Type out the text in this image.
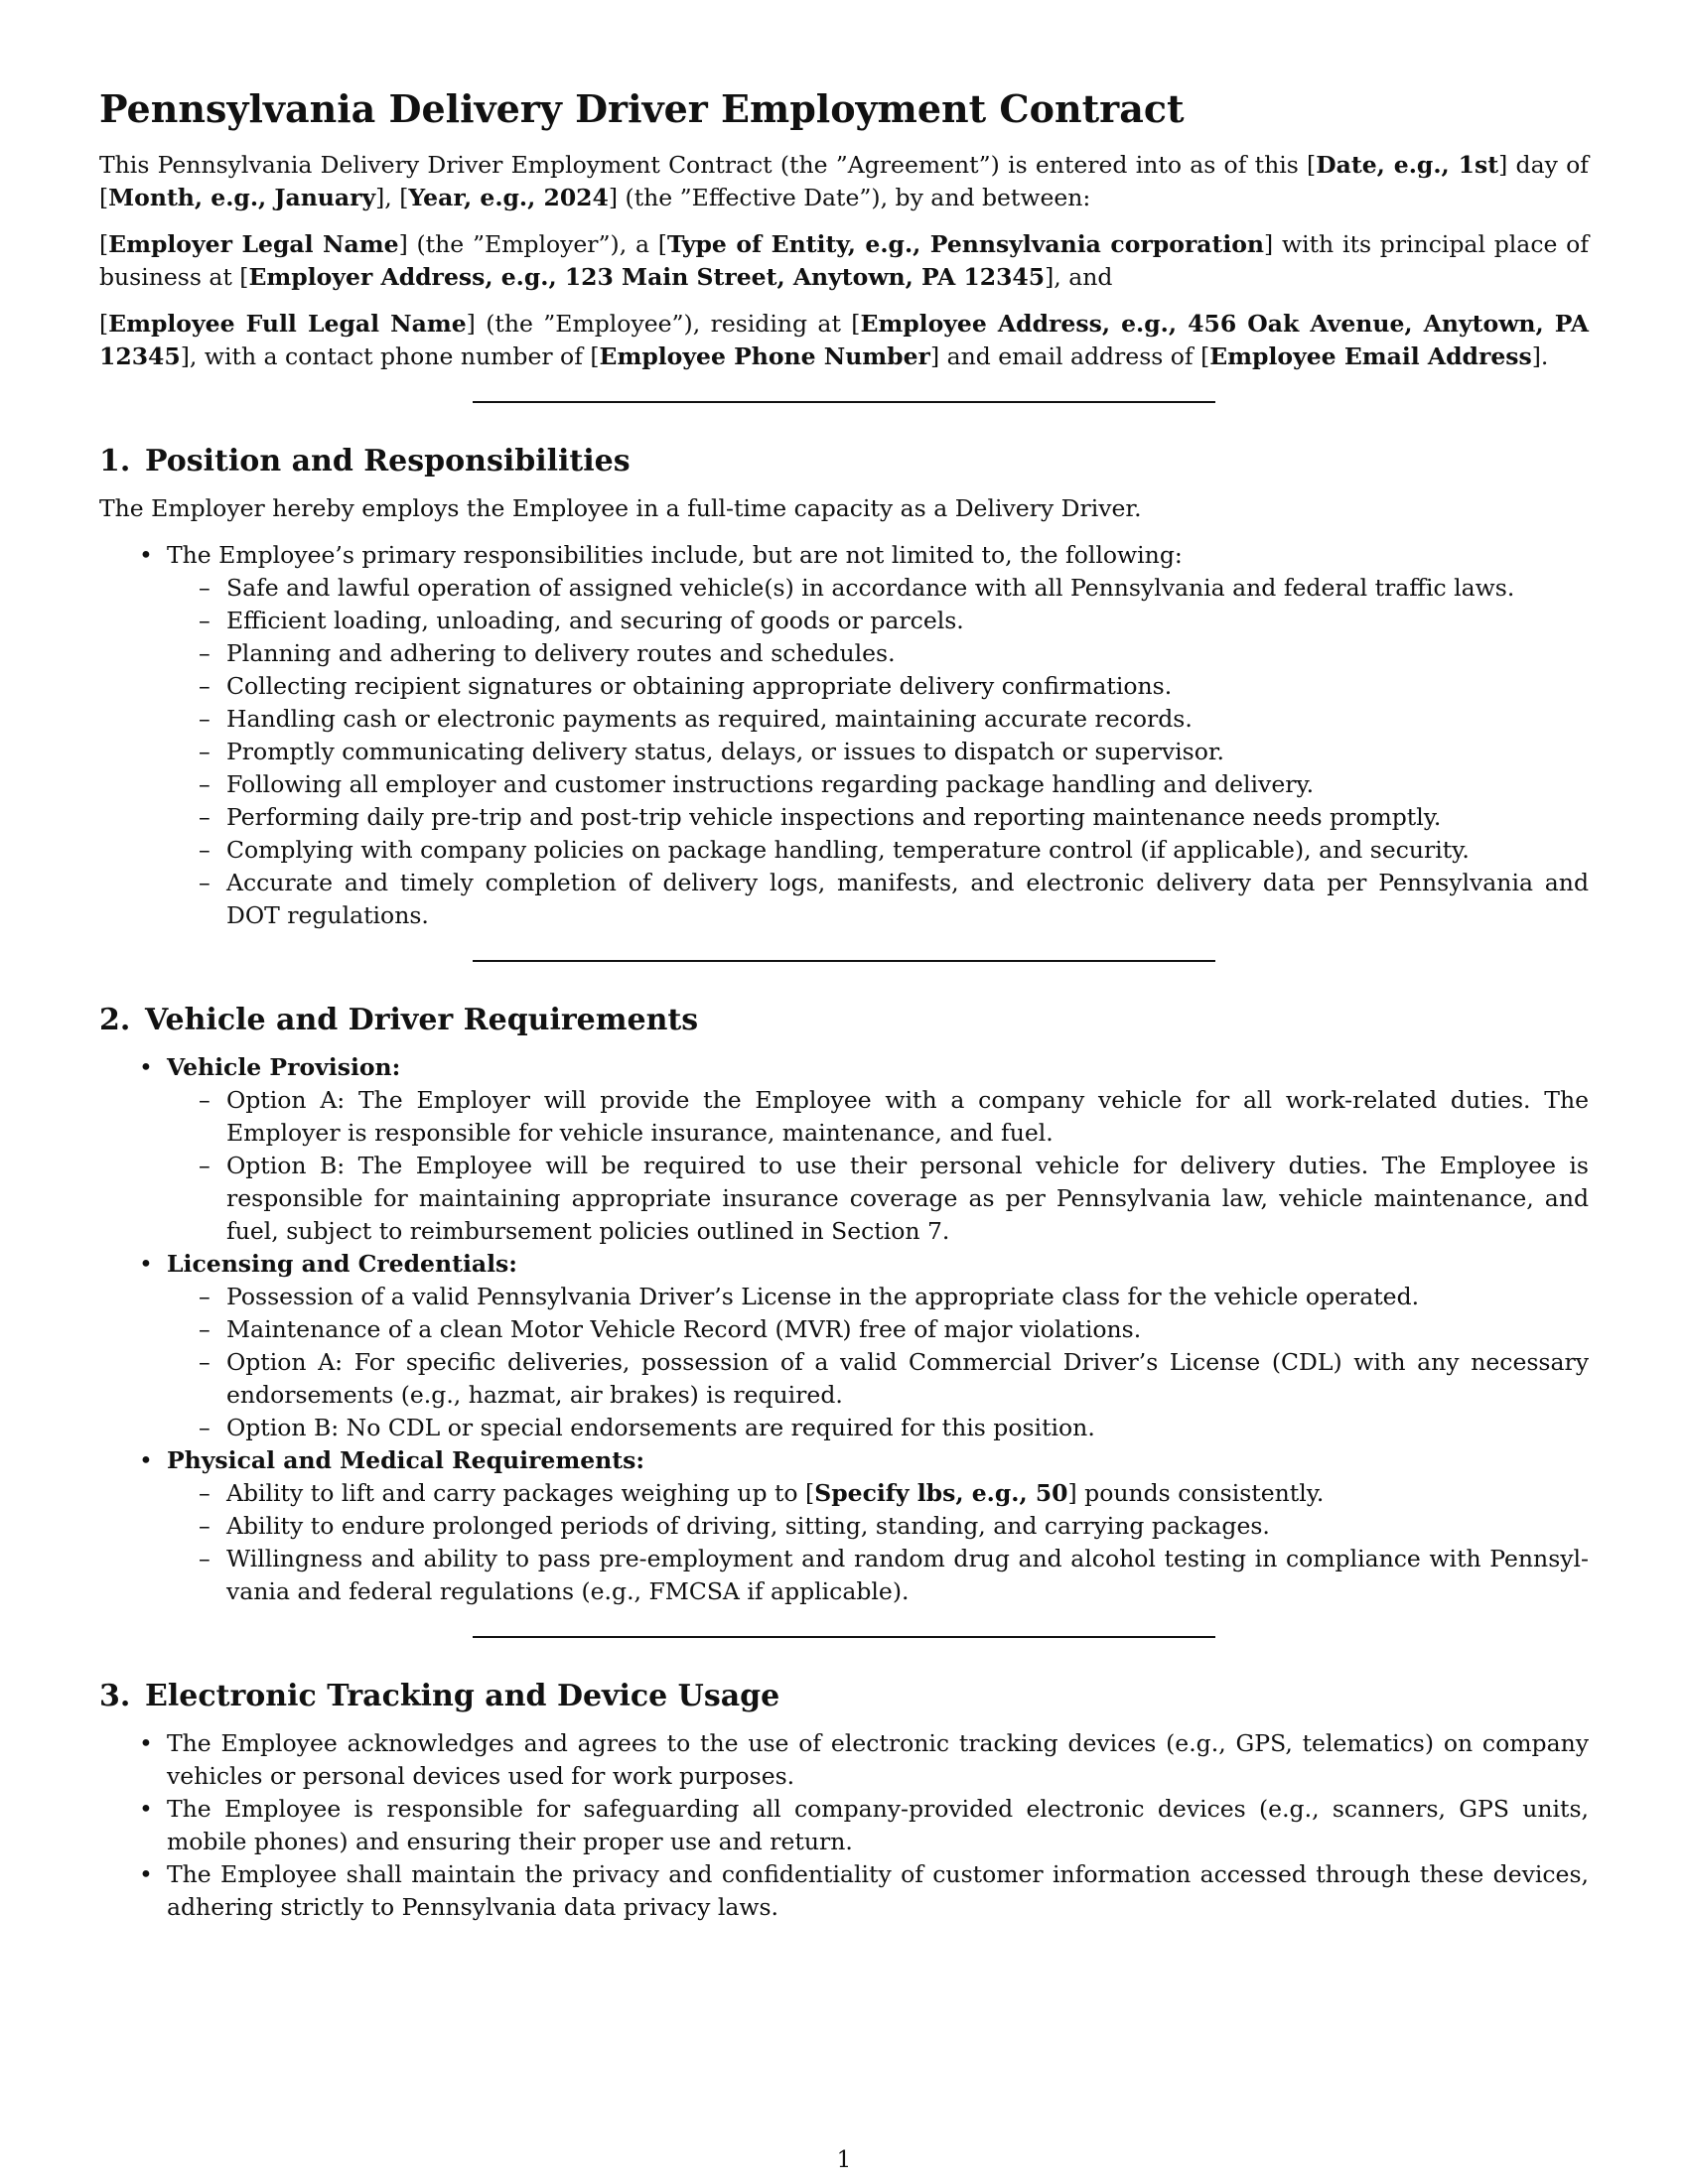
Pennsylvania Delivery Driver Employment Contract

This Pennsylvania Delivery Driver Employment Contract (the ”Agreement”) is entered into as of this [Date, e.g., 1st] day of [Month, e.g., January], [Year, e.g., 2024] (the ”Effective Date”), by and between:

[Employer Legal Name] (the ”Employer”), a [Type of Entity, e.g., Pennsylvania corporation] with its principal place of business at [Employer Address, e.g., 123 Main Street, Anytown, PA 12345], and

[Employee Full Legal Name] (the ”Employee”), residing at [Employee Address, e.g., 456 Oak Avenue, Anytown, PA 12345], with a contact phone number of [Employee Phone Number] and email address of [Employee Email Address].

1. Position and Responsibilities

The Employer hereby employs the Employee in a full-time capacity as a Delivery Driver.

• The Employee’s primary responsibilities include, but are not limited to, the following:
– Safe and lawful operation of assigned vehicle(s) in accordance with all Pennsylvania and federal traffic laws.
– Efficient loading, unloading, and securing of goods or parcels.
– Planning and adhering to delivery routes and schedules.
– Collecting recipient signatures or obtaining appropriate delivery confirmations.
– Handling cash or electronic payments as required, maintaining accurate records.
– Promptly communicating delivery status, delays, or issues to dispatch or supervisor.
– Following all employer and customer instructions regarding package handling and delivery.
– Performing daily pre-trip and post-trip vehicle inspections and reporting maintenance needs promptly.
– Complying with company policies on package handling, temperature control (if applicable), and security.
– Accurate and timely completion of delivery logs, manifests, and electronic delivery data per Pennsylvania and DOT regulations.
2. Vehicle and Driver Requirements
• Vehicle Provision:
– Option A: The Employer will provide the Employee with a company vehicle for all work-related duties. The Employer is responsible for vehicle insurance, maintenance, and fuel.
– Option B: The Employee will be required to use their personal vehicle for delivery duties. The Employee is responsible for maintaining appropriate insurance coverage as per Pennsylvania law, vehicle maintenance, and fuel, subject to reimbursement policies outlined in Section 7.
• Licensing and Credentials:
– Possession of a valid Pennsylvania Driver’s License in the appropriate class for the vehicle operated.
– Maintenance of a clean Motor Vehicle Record (MVR) free of major violations.
– Option A: For specific deliveries, possession of a valid Commercial Driver’s License (CDL) with any necessary endorsements (e.g., hazmat, air brakes) is required.
– Option B: No CDL or special endorsements are required for this position.
• Physical and Medical Requirements:
– Ability to lift and carry packages weighing up to [Specify lbs, e.g., 50] pounds consistently.
– Ability to endure prolonged periods of driving, sitting, standing, and carrying packages.
– Willingness and ability to pass pre-employment and random drug and alcohol testing in compliance with Pennsyl- vania and federal regulations (e.g., FMCSA if applicable).
3. Electronic Tracking and Device Usage
• The Employee acknowledges and agrees to the use of electronic tracking devices (e.g., GPS, telematics) on company vehicles or personal devices used for work purposes.
• The Employee is responsible for safeguarding all company-provided electronic devices (e.g., scanners, GPS units, mobile phones) and ensuring their proper use and return.
• The Employee shall maintain the privacy and confidentiality of customer information accessed through these devices, adhering strictly to Pennsylvania data privacy laws.
1
